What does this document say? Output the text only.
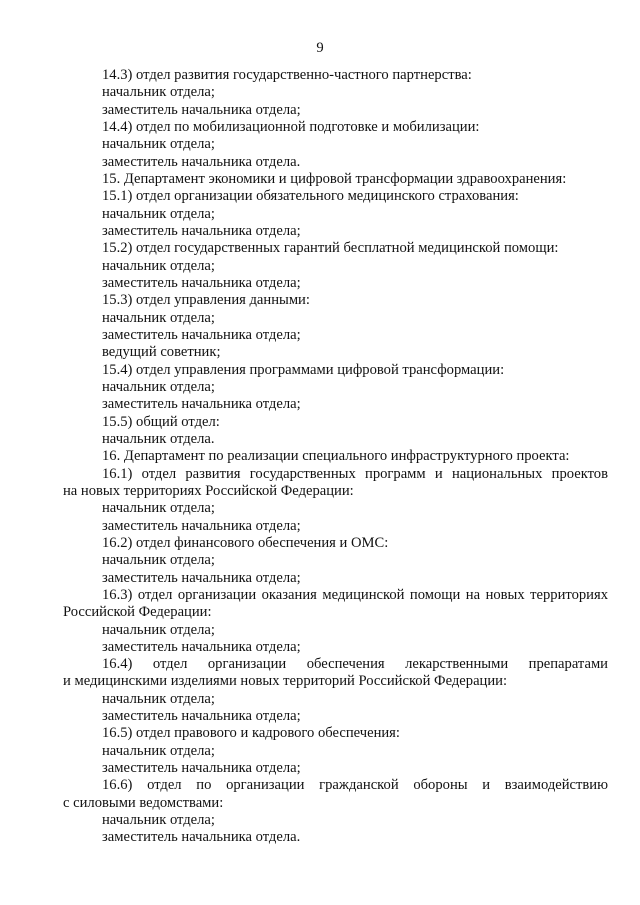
9
14.3) отдел развития государственно-частного партнерства:
начальник отдела;
заместитель начальника отдела;
14.4) отдел по мобилизационной подготовке и мобилизации:
начальник отдела;
заместитель начальника отдела.
15. Департамент экономики и цифровой трансформации здравоохранения:
15.1) отдел организации обязательного медицинского страхования:
начальник отдела;
заместитель начальника отдела;
15.2) отдел государственных гарантий бесплатной медицинской помощи:
начальник отдела;
заместитель начальника отдела;
15.3) отдел управления данными:
начальник отдела;
заместитель начальника отдела;
ведущий советник;
15.4) отдел управления программами цифровой трансформации:
начальник отдела;
заместитель начальника отдела;
15.5) общий отдел:
начальник отдела.
16. Департамент по реализации специального инфраструктурного проекта:
16.1) отдел развития государственных программ и национальных проектов
на новых территориях Российской Федерации:
начальник отдела;
заместитель начальника отдела;
16.2) отдел финансового обеспечения и ОМС:
начальник отдела;
заместитель начальника отдела;
16.3) отдел организации оказания медицинской помощи на новых территориях
Российской Федерации:
начальник отдела;
заместитель начальника отдела;
16.4) отдел организации обеспечения лекарственными препаратами
и медицинскими изделиями новых территорий Российской Федерации:
начальник отдела;
заместитель начальника отдела;
16.5) отдел правового и кадрового обеспечения:
начальник отдела;
заместитель начальника отдела;
16.6) отдел по организации гражданской обороны и взаимодействию
с силовыми ведомствами:
начальник отдела;
заместитель начальника отдела.
